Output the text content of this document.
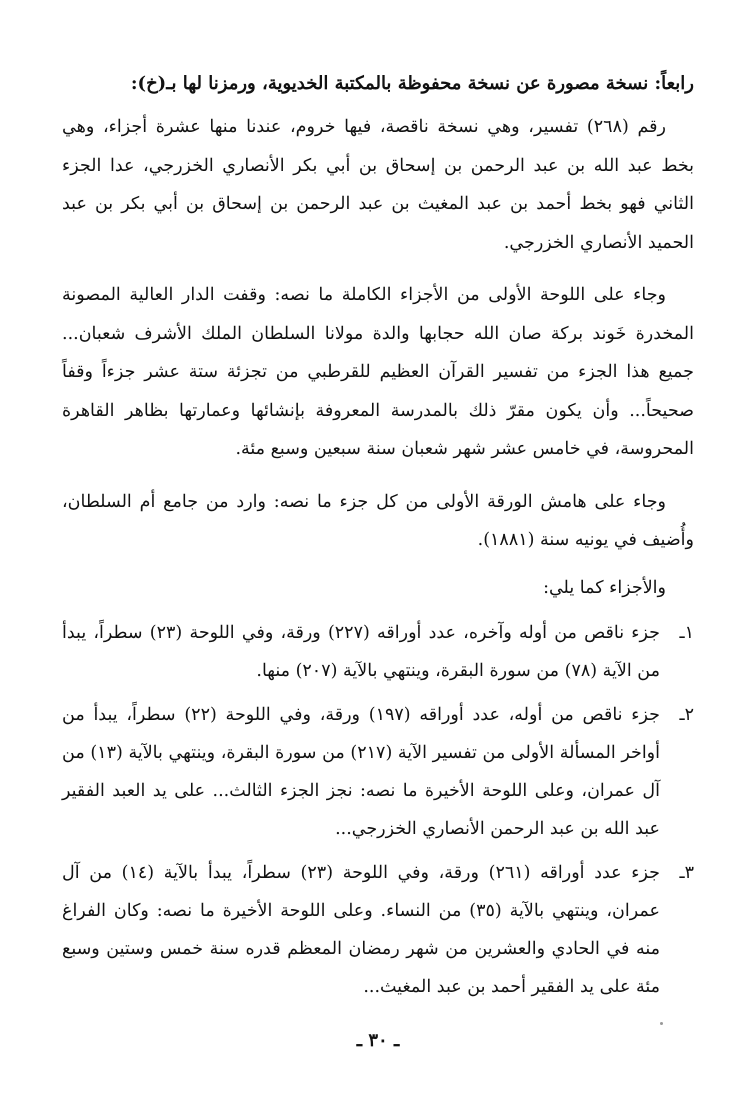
رابعاً: نسخة مصورة عن نسخة محفوظة بالمكتبة الخديوية، ورمزنا لها بـ(خ):

رقم (٢٦٨) تفسير، وهي نسخة ناقصة، فيها خروم، عندنا منها عشرة أجزاء، وهي بخط عبد الله بن عبد الرحمن بن إسحاق بن أبي بكر الأنصاري الخزرجي، عدا الجزء الثاني فهو بخط أحمد بن عبد المغيث بن عبد الرحمن بن إسحاق بن أبي بكر بن عبد الحميد الأنصاري الخزرجي.

وجاء على اللوحة الأولى من الأجزاء الكاملة ما نصه: وقفت الدار العالية المصونة المخدرة خَوند بركة صان الله حجابها والدة مولانا السلطان الملك الأشرف شعبان... جميع هذا الجزء من تفسير القرآن العظيم للقرطبي من تجزئة ستة عشر جزءاً وقفاً صحيحاً... وأن يكون مقرّ ذلك بالمدرسة المعروفة بإنشائها وعمارتها بظاهر القاهرة المحروسة، في خامس عشر شهر شعبان سنة سبعين وسبع مئة.

وجاء على هامش الورقة الأولى من كل جزء ما نصه: وارد من جامع أم السلطان، وأُضيف في يونيه سنة (١٨٨١).

والأجزاء كما يلي:

١ـ
جزء ناقص من أوله وآخره، عدد أوراقه (٢٢٧) ورقة، وفي اللوحة (٢٣) سطراً، يبدأ من الآية (٧٨) من سورة البقرة، وينتهي بالآية (٢٠٧) منها.
٢ـ
جزء ناقص من أوله، عدد أوراقه (١٩٧) ورقة، وفي اللوحة (٢٢) سطراً، يبدأ من أواخر المسألة الأولى من تفسير الآية (٢١٧) من سورة البقرة، وينتهي بالآية (١٣) من آل عمران، وعلى اللوحة الأخيرة ما نصه: نجز الجزء الثالث... على يد العبد الفقير عبد الله بن عبد الرحمن الأنصاري الخزرجي...
٣ـ
جزء عدد أوراقه (٢٦١) ورقة، وفي اللوحة (٢٣) سطراً، يبدأ بالآية (١٤) من آل عمران، وينتهي بالآية (٣٥) من النساء. وعلى اللوحة الأخيرة ما نصه: وكان الفراغ منه في الحادي والعشرين من شهر رمضان المعظم قدره سنة خمس وستين وسبع مئة على يد الفقير أحمد بن عبد المغيث...
ـ ٣٠ ـ
